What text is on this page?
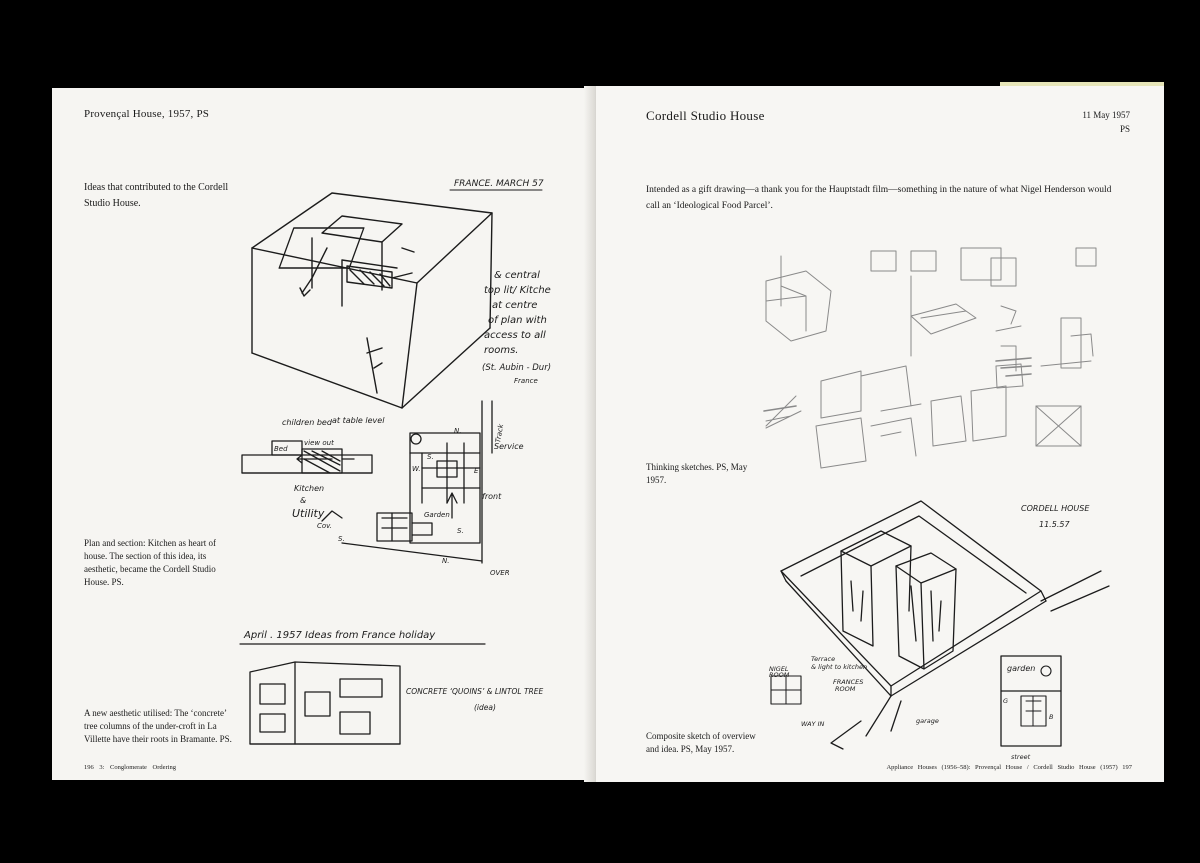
Provençal House, 1957, PS

Ideas that contributed to the Cordell Studio House.

Plan and section: Kitchen as heart of house. The section of this idea, its aesthetic, became the Cordell Studio House. PS.

A new aesthetic utilised: The ‘concrete’ tree columns of the under-croft in La Villette have their roots in Bramante. PS.

196 3: Conglomerate Ordering

FRANCE. MARCH 57
& central
top lit/ Kitche
at centre
of plan with
access to all
rooms.
(St. Aubin - Dur)
France
children bed at table level
Bed
view out
Kitchen
&
Utility
Service
front
Garden
N.
N.
S.
W.	E
S.
OVER
Track
Cov.
S.
April . 1957 Ideas from France holiday
CONCRETE ‘QUOINS’ & LINTOL TREE
(idea)

Cordell Studio House	11 May 1957

PS

Intended as a gift drawing—a thank you for the Hauptstadt film—something in the nature of what Nigel Henderson would call an ‘Ideological Food Parcel’.

Thinking sketches. PS, May 1957.

Composite sketch of overview and idea. PS, May 1957.

Appliance Houses (1956–58): Provençal House / Cordell Studio House (1957) 197

CORDELL HOUSE
11.5.57
Terrace
& light to kitchen	garden
FRANCES
ROOM
NIGEL
ROOM
WAY IN	garage
street
G
B
